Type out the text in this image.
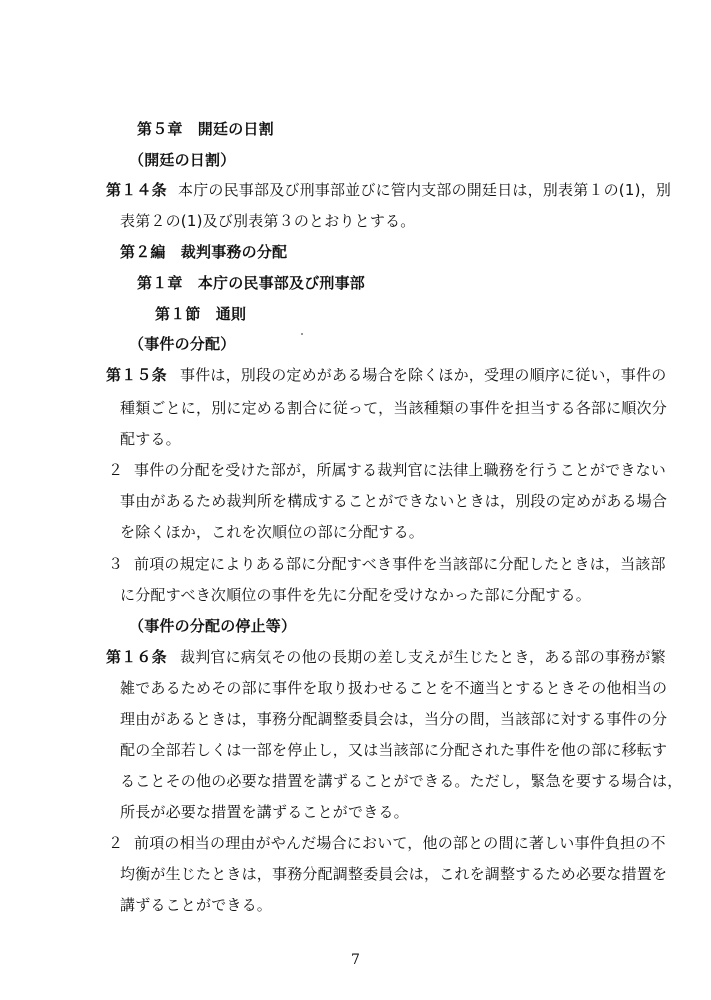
第５章　開廷の日割
（開廷の日割）
第１４条 本庁の民事部及び刑事部並びに管内支部の開廷日は，別表第１の(1)，別
表第２の(1)及び別表第３のとおりとする。
第２編　裁判事務の分配
第１章　本庁の民事部及び刑事部
第１節　通則
（事件の分配）
第１５条 事件は，別段の定めがある場合を除くほか，受理の順序に従い，事件の
種類ごとに，別に定める割合に従って，当該種類の事件を担当する各部に順次分
配する。
２ 事件の分配を受けた部が，所属する裁判官に法律上職務を行うことができない
事由があるため裁判所を構成することができないときは，別段の定めがある場合
を除くほか，これを次順位の部に分配する。
３ 前項の規定によりある部に分配すべき事件を当該部に分配したときは，当該部
に分配すべき次順位の事件を先に分配を受けなかった部に分配する。
（事件の分配の停止等）
第１６条 裁判官に病気その他の長期の差し支えが生じたとき，ある部の事務が繁
雑であるためその部に事件を取り扱わせることを不適当とするときその他相当の
理由があるときは，事務分配調整委員会は，当分の間，当該部に対する事件の分
配の全部若しくは一部を停止し，又は当該部に分配された事件を他の部に移転す
ることその他の必要な措置を講ずることができる。ただし，緊急を要する場合は，
所長が必要な措置を講ずることができる。
２ 前項の相当の理由がやんだ場合において，他の部との間に著しい事件負担の不
均衡が生じたときは，事務分配調整委員会は，これを調整するため必要な措置を
講ずることができる。
7
